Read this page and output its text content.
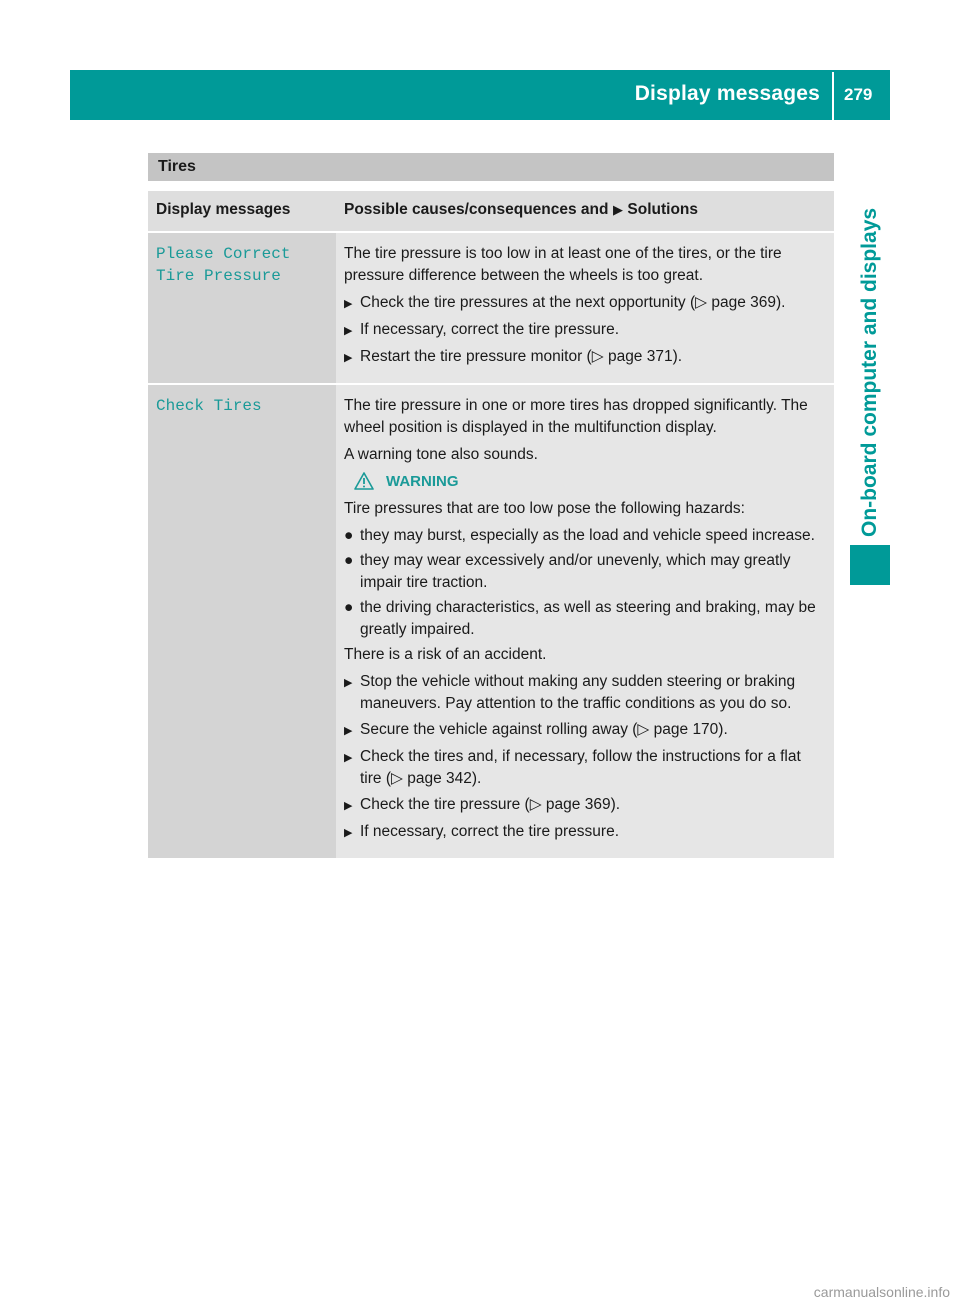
Display messages 279
On-board computer and displays
Tires
Display messages	Possible causes/consequences and ▶ Solutions
Please Correct
Tire Pressure
The tire pressure is too low in at least one of the tires, or the tire pressure difference between the wheels is too great.
▶ Check the tire pressures at the next opportunity (▷ page 369).
▶ If necessary, correct the tire pressure.
▶ Restart the tire pressure monitor (▷ page 371).
Check Tires	The tire pressure in one or more tires has dropped significantly. The wheel position is displayed in the multifunction display.
A warning tone also sounds.
WARNING
Tire pressures that are too low pose the following hazards:
● they may burst, especially as the load and vehicle speed increase.
● they may wear excessively and/or unevenly, which may greatly impair tire traction.
● the driving characteristics, as well as steering and braking, may be greatly impaired.
There is a risk of an accident.
▶ Stop the vehicle without making any sudden steering or braking maneuvers. Pay attention to the traffic conditions as you do so.
▶ Secure the vehicle against rolling away (▷ page 170).
▶ Check the tires and, if necessary, follow the instructions for a flat tire (▷ page 342).
▶ Check the tire pressure (▷ page 369).
▶ If necessary, correct the tire pressure.
carmanualsonline.info
